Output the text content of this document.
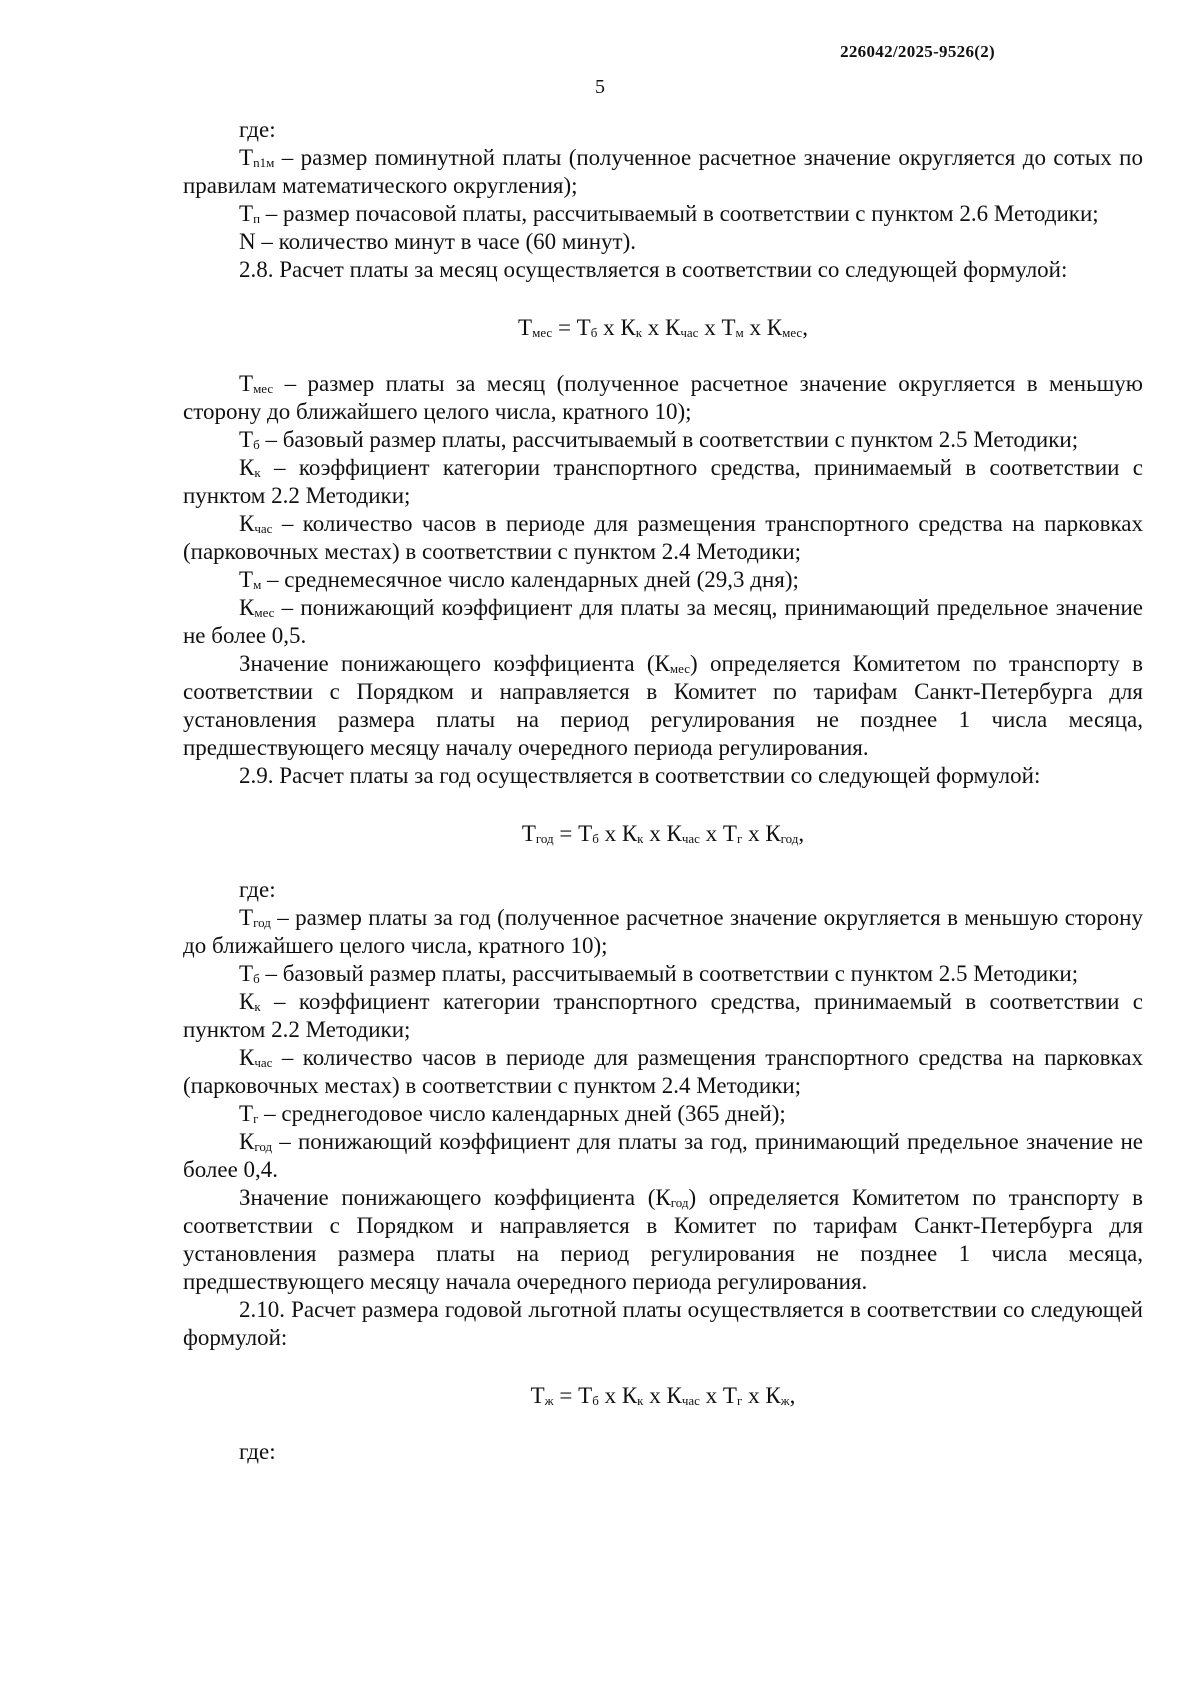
226042/2025-9526(2)
5

где:

$Т_{n1м}$ – размер поминутной платы (полученное расчетное значение округляется до сотых по правилам математического округления);

$Т_п$ – размер почасовой платы, рассчитываемый в соответствии с пунктом 2.6 Методики;

N – количество минут в часе (60 минут).

2.8. Расчет платы за месяц осуществляется в соответствии со следующей формулой:

$Т_{мес} = Т_б$ x $К_к$ x $К_{час}$ x $Т_м$ x $К_{мес}$,

$Т_{мес}$ – размер платы за месяц (полученное расчетное значение округляется в меньшую сторону до ближайшего целого числа, кратного 10);

$Т_б$ – базовый размер платы, рассчитываемый в соответствии с пунктом 2.5 Методики;

$К_к$ – коэффициент категории транспортного средства, принимаемый в соответствии с пунктом 2.2 Методики;

$К_{час}$ – количество часов в периоде для размещения транспортного средства на парковках (парковочных местах) в соответствии с пунктом 2.4 Методики;

$Т_м$ – среднемесячное число календарных дней (29,3 дня);

$К_{мес}$ – понижающий коэффициент для платы за месяц, принимающий предельное значение не более 0,5.

Значение понижающего коэффициента $(К_{мес})$ определяется Комитетом по транспорту в соответствии с Порядком и направляется в Комитет по тарифам Санкт-Петербурга для установления размера платы на период регулирования не позднее 1 числа месяца, предшествующего месяцу началу очередного периода регулирования.

2.9. Расчет платы за год осуществляется в соответствии со следующей формулой:

$Т_{год} = Т_б$ x $К_к$ x $К_{час}$ x $Т_г$ x $К_{год}$,

где:

$Т_{год}$ – размер платы за год (полученное расчетное значение округляется в меньшую сторону до ближайшего целого числа, кратного 10);

$Т_б$ – базовый размер платы, рассчитываемый в соответствии с пунктом 2.5 Методики;

$К_к$ – коэффициент категории транспортного средства, принимаемый в соответствии с пунктом 2.2 Методики;

$К_{час}$ – количество часов в периоде для размещения транспортного средства на парковках (парковочных местах) в соответствии с пунктом 2.4 Методики;

$Т_г$ – среднегодовое число календарных дней (365 дней);

$К_{год}$ – понижающий коэффициент для платы за год, принимающий предельное значение не более 0,4.

Значение понижающего коэффициента $(К_{год})$ определяется Комитетом по транспорту в соответствии с Порядком и направляется в Комитет по тарифам Санкт-Петербурга для установления размера платы на период регулирования не позднее 1 числа месяца, предшествующего месяцу начала очередного периода регулирования.

2.10. Расчет размера годовой льготной платы осуществляется в соответствии со следующей формулой:

$Т_ж = Т_б$ x $К_к$ x $К_{час}$ x $Т_г$ x $К_ж$,

где:
